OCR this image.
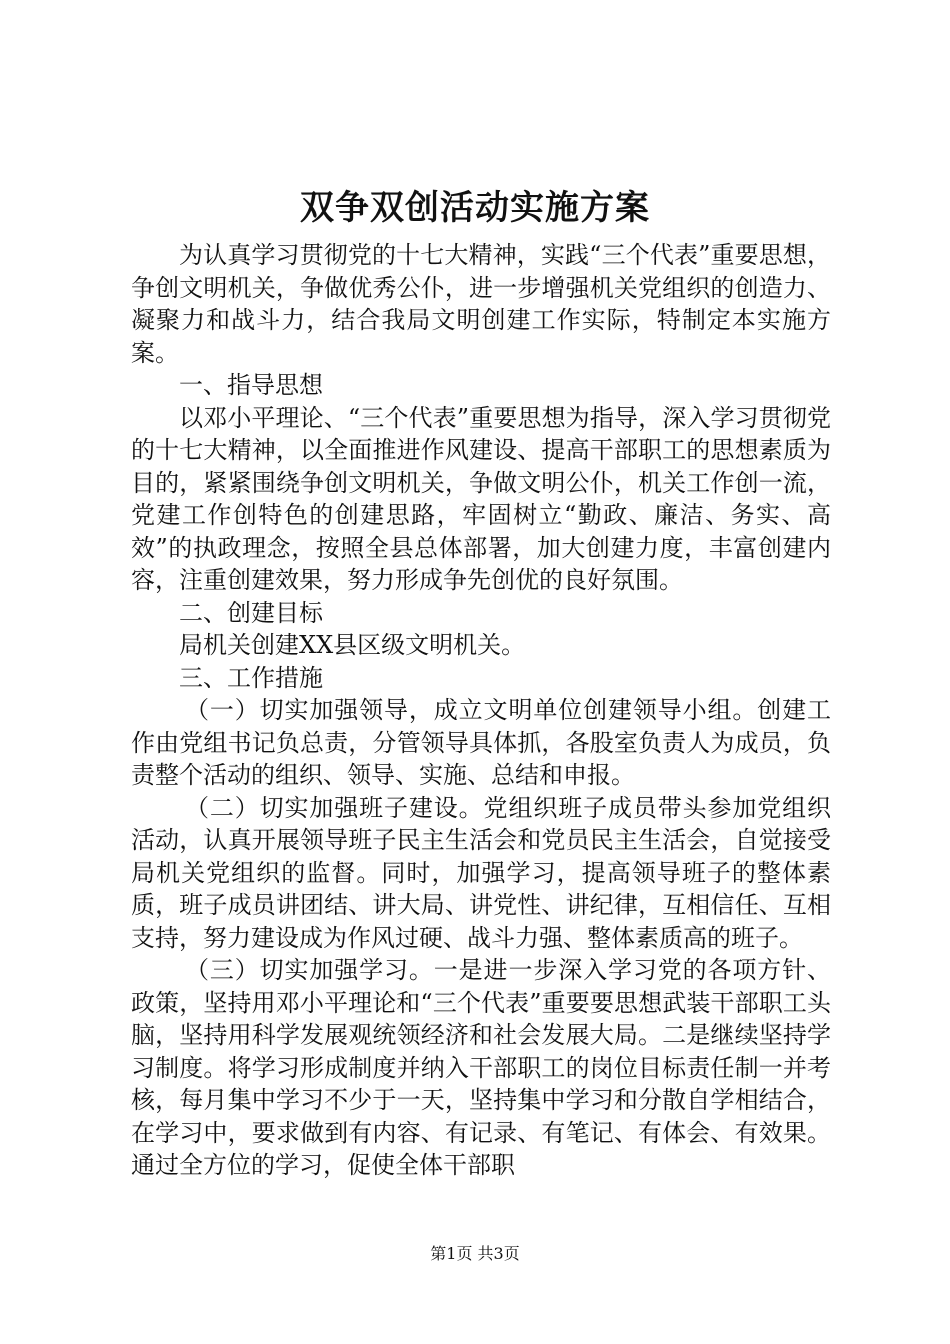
双争双创活动实施方案

为认真学习贯彻党的十七大精神，实践“三个代表”重要思想，争创文明机关，争做优秀公仆，进一步增强机关党组织的创造力、凝聚力和战斗力，结合我局文明创建工作实际，特制定本实施方案。

一、指导思想

以邓小平理论、“三个代表”重要思想为指导，深入学习贯彻党的十七大精神，以全面推进作风建设、提高干部职工的思想素质为目的，紧紧围绕争创文明机关，争做文明公仆，机关工作创一流，党建工作创特色的创建思路，牢固树立“勤政、廉洁、务实、高效”的执政理念，按照全县总体部署，加大创建力度，丰富创建内容，注重创建效果，努力形成争先创优的良好氛围。

二、创建目标

局机关创建XX县区级文明机关。

三、工作措施

（一）切实加强领导，成立文明单位创建领导小组。创建工作由党组书记负总责，分管领导具体抓，各股室负责人为成员，负责整个活动的组织、领导、实施、总结和申报。

（二）切实加强班子建设。党组织班子成员带头参加党组织活动，认真开展领导班子民主生活会和党员民主生活会，自觉接受局机关党组织的监督。同时，加强学习，提高领导班子的整体素质，班子成员讲团结、讲大局、讲党性、讲纪律，互相信任、互相支持，努力建设成为作风过硬、战斗力强、整体素质高的班子。

（三）切实加强学习。一是进一步深入学习党的各项方针、政策，坚持用邓小平理论和“三个代表”重要要思想武装干部职工头脑，坚持用科学发展观统领经济和社会发展大局。二是继续坚持学习制度。将学习形成制度并纳入干部职工的岗位目标责任制一并考核，每月集中学习不少于一天，坚持集中学习和分散自学相结合，在学习中，要求做到有内容、有记录、有笔记、有体会、有效果。通过全方位的学习，促使全体干部职

第1页 共3页
